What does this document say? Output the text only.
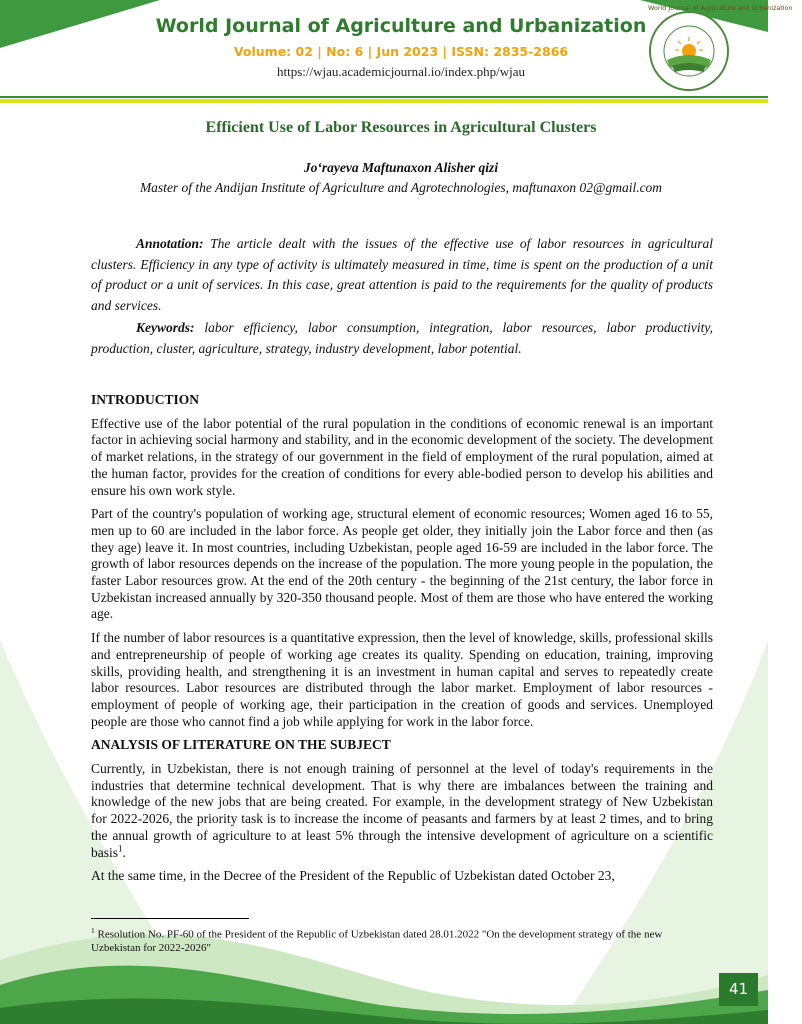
World Journal of Agriculture and Urbanization
Volume: 02 | No: 6 | Jun 2023 | ISSN: 2835-2866
https://wjau.academicjournal.io/index.php/wjau
World Journal of Agriculture and Urbanization
Efficient Use of Labor Resources in Agricultural Clusters
Jo‘rayeva Maftunaxon Alisher qizi
Master of the Andijan Institute of Agriculture and Agrotechnologies, maftunaxon 02@gmail.com

Annotation: The article dealt with the issues of the effective use of labor resources in agricultural clusters. Efficiency in any type of activity is ultimately measured in time, time is spent on the production of a unit of product or a unit of services. In this case, great attention is paid to the requirements for the quality of products and services.

Keywords: labor efficiency, labor consumption, integration, labor resources, labor productivity, production, cluster, agriculture, strategy, industry development, labor potential.

INTRODUCTION

Effective use of the labor potential of the rural population in the conditions of economic renewal is an important factor in achieving social harmony and stability, and in the economic development of the society. The development of market relations, in the strategy of our government in the field of employment of the rural population, aimed at the human factor, provides for the creation of conditions for every able-bodied person to develop his abilities and ensure his own work style.

Part of the country's population of working age, structural element of economic resources; Women aged 16 to 55, men up to 60 are included in the labor force. As people get older, they initially join the Labor force and then (as they age) leave it. In most countries, including Uzbekistan, people aged 16-59 are included in the labor force. The growth of labor resources depends on the increase of the population. The more young people in the population, the faster Labor resources grow. At the end of the 20th century - the beginning of the 21st century, the labor force in Uzbekistan increased annually by 320-350 thousand people. Most of them are those who have entered the working age.

If the number of labor resources is a quantitative expression, then the level of knowledge, skills, professional skills and entrepreneurship of people of working age creates its quality. Spending on education, training, improving skills, providing health, and strengthening it is an investment in human capital and serves to repeatedly create labor resources. Labor resources are distributed through the labor market. Employment of labor resources - employment of people of working age, their participation in the creation of goods and services. Unemployed people are those who cannot find a job while applying for work in the labor force.

ANALYSIS OF LITERATURE ON THE SUBJECT

Currently, in Uzbekistan, there is not enough training of personnel at the level of today's requirements in the industries that determine technical development. That is why there are imbalances between the training and knowledge of the new jobs that are being created. For example, in the development strategy of New Uzbekistan for 2022-2026, the priority task is to increase the income of peasants and farmers by at least 2 times, and to bring the annual growth of agriculture to at least 5% through the intensive development of agriculture on a scientific basis$^1$.

At the same time, in the Decree of the President of the Republic of Uzbekistan dated October 23,

$^1$ Resolution No. PF-60 of the President of the Republic of Uzbekistan dated 28.01.2022 "On the development strategy of the new Uzbekistan for 2022-2026"

41
